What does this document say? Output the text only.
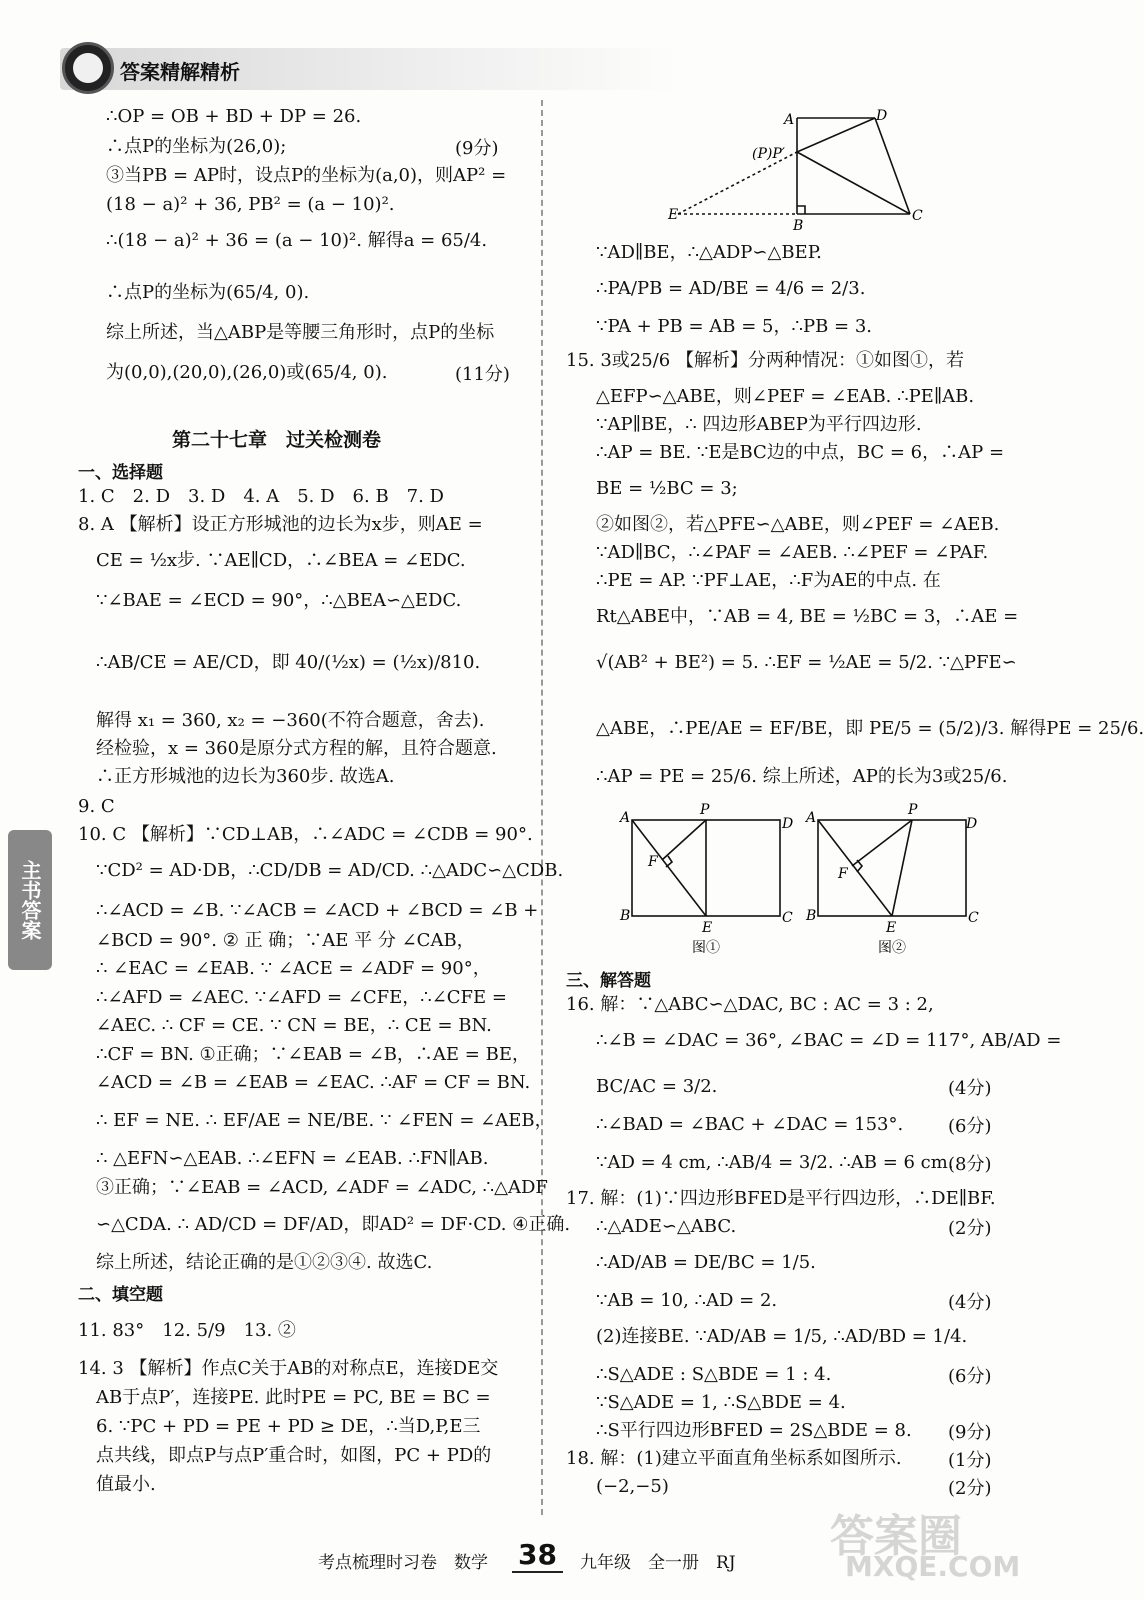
答案精解精析
主书答案
∴OP = OB + BD + DP = 26.
∴点P的坐标为(26,0);	(9分)
③当PB = AP时，设点P的坐标为(a,0)，则AP² =
(18 − a)² + 36, PB² = (a − 10)².
∴(18 − a)² + 36 = (a − 10)². 解得a = 65/4.
∴点P的坐标为(65/4, 0).
综上所述，当△ABP是等腰三角形时，点P的坐标
为(0,0),(20,0),(26,0)或(65/4, 0).	(11分)
第二十七章　过关检测卷
一、选择题
1. C　2. D　3. D　4. A　5. D　6. B　7. D
8. A 【解析】设正方形城池的边长为x步，则AE =
CE = ½x步. ∵AE∥CD，∴∠BEA = ∠EDC.
∵∠BAE = ∠ECD = 90°，∴△BEA∽△EDC.
∴AB/CE = AE/CD，即 40/(½x) = (½x)/810.
解得 x₁ = 360, x₂ = −360(不符合题意，舍去).
经检验，x = 360是原分式方程的解，且符合题意.
∴正方形城池的边长为360步. 故选A.
9. C
10. C 【解析】∵CD⊥AB，∴∠ADC = ∠CDB = 90°.
∵CD² = AD·DB，∴CD/DB = AD/CD. ∴△ADC∽△CDB.
∴∠ACD = ∠B. ∵∠ACB = ∠ACD + ∠BCD = ∠B +
∠BCD = 90°. ② 正 确；∵AE 平 分 ∠CAB，
∴ ∠EAC = ∠EAB. ∵ ∠ACE = ∠ADF = 90°，
∴∠AFD = ∠AEC. ∵∠AFD = ∠CFE，∴∠CFE =
∠AEC. ∴ CF = CE. ∵ CN = BE，∴ CE = BN.
∴CF = BN. ①正确；∵∠EAB = ∠B，∴AE = BE，
∠ACD = ∠B = ∠EAB = ∠EAC. ∴AF = CF = BN.
∴ EF = NE. ∴ EF/AE = NE/BE. ∵ ∠FEN = ∠AEB，
∴ △EFN∽△EAB. ∴∠EFN = ∠EAB. ∴FN∥AB.
③正确；∵∠EAB = ∠ACD, ∠ADF = ∠ADC, ∴△ADF
∽△CDA. ∴ AD/CD = DF/AD，即AD² = DF·CD. ④正确.
综上所述，结论正确的是①②③④. 故选C.
二、填空题
11. 83°　12. 5/9　13. ②
14. 3 【解析】作点C关于AB的对称点E，连接DE交
AB于点P′，连接PE. 此时PE = PC, BE = BC =
6. ∵PC + PD = PE + PD ≥ DE，∴当D,P,E三
点共线，即点P与点P′重合时，如图，PC + PD的
值最小.
A	D
(P)P′
E
B
C
∵AD∥BE，∴△ADP∽△BEP.
∴PA/PB = AD/BE = 4/6 = 2/3.
∵PA + PB = AB = 5，∴PB = 3.
15. 3或25/6 【解析】分两种情况：①如图①，若
△EFP∽△ABE，则∠PEF = ∠EAB. ∴PE∥AB.
∵AP∥BE，∴ 四边形ABEP为平行四边形.
∴AP = BE. ∵E是BC边的中点，BC = 6，∴AP =
BE = ½BC = 3;
②如图②，若△PFE∽△ABE，则∠PEF = ∠AEB.
∵AD∥BC，∴∠PAF = ∠AEB. ∴∠PEF = ∠PAF.
∴PE = AP. ∵PF⊥AE，∴F为AE的中点. 在
Rt△ABE中，∵AB = 4, BE = ½BC = 3，∴AE =
√(AB² + BE²) = 5. ∴EF = ½AE = 5/2. ∵△PFE∽
△ABE，∴PE/AE = EF/BE，即 PE/5 = (5/2)/3. 解得PE = 25/6.
∴AP = PE = 25/6. 综上所述，AP的长为3或25/6.
A	P
D
F
B
E
C
图①
A	P
D
F
B
E
C
图②
三、解答题
16. 解：∵△ABC∽△DAC, BC : AC = 3 : 2,
∴∠B = ∠DAC = 36°, ∠BAC = ∠D = 117°, AB/AD =
BC/AC = 3/2.	(4分)
∴∠BAD = ∠BAC + ∠DAC = 153°. (6分)
∵AD = 4 cm, ∴AB/4 = 3/2. ∴AB = 6 cm.
(8分)
17. 解：(1)∵四边形BFED是平行四边形，∴DE∥BF.
∴△ADE∽△ABC.	(2分)
∴AD/AB = DE/BC = 1/5.
∵AB = 10, ∴AD = 2.	(4分)
(2)连接BE. ∵AD/AB = 1/5, ∴AD/BD = 1/4.
∴S△ADE : S△BDE = 1 : 4.	(6分)
∵S△ADE = 1, ∴S△BDE = 4.
∴S平行四边形BFED = 2S△BDE = 8. (9分)
18. 解：(1)建立平面直角坐标系如图所示.	(1分)
(−2,−5)	(2分)
考点梳理时习卷　数学	九年级　全一册　RJ
38	答案圈
MXQE.COM
